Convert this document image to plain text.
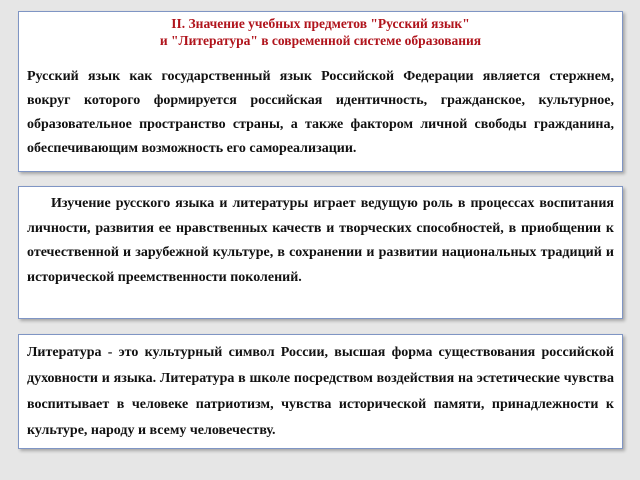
II. Значение учебных предметов "Русский язык"
и "Литература" в современной системе образования

Русский язык как государственный язык Российской Федерации является стержнем, вокруг которого формируется российская идентичность, гражданское, культурное, образовательное пространство страны, а также фактором личной свободы гражданина, обеспечивающим возможность его самореализации.

Изучение русского языка и литературы играет ведущую роль в процессах воспитания личности, развития ее нравственных качеств и творческих способностей, в приобщении к отечественной и зарубежной культуре, в сохранении и развитии национальных традиций и исторической преемственности поколений.

Литература - это культурный символ России, высшая форма существования российской духовности и языка. Литература в школе посредством воздействия на эстетические чувства воспитывает в человеке патриотизм, чувства исторической памяти, принадлежности к культуре, народу и всему человечеству.
